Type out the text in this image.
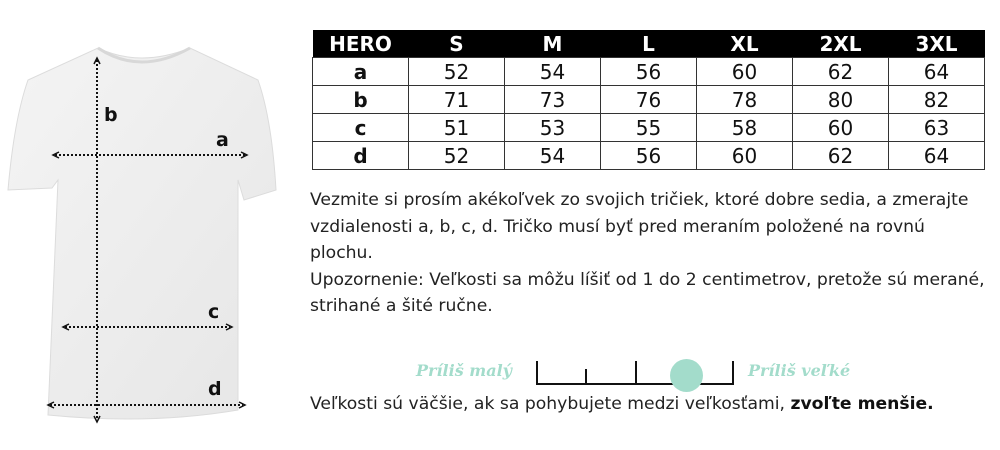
b
a
c
d
HERO	S	M	L	XL	2XL	3XL
a	52	54	56	60	62	64
b	71	73	76	78	80	82
c	51	53	55	58	60	63
d	52	54	56	60	62	64

Vezmite si prosím akékoľvek zo svojich tričiek, ktoré dobre sedia, a zmerajte vzdialenosti a, b, c, d. Tričko musí byť pred meraním položené na rovnú plochu.

Upozornenie: Veľkosti sa môžu líšiť od 1 do 2 centimetrov, pretože sú merané, strihané a šité ručne.

Príliš malý	Príliš veľké
Veľkosti sú väčšie, ak sa pohybujete medzi veľkosťami, zvoľte menšie.
